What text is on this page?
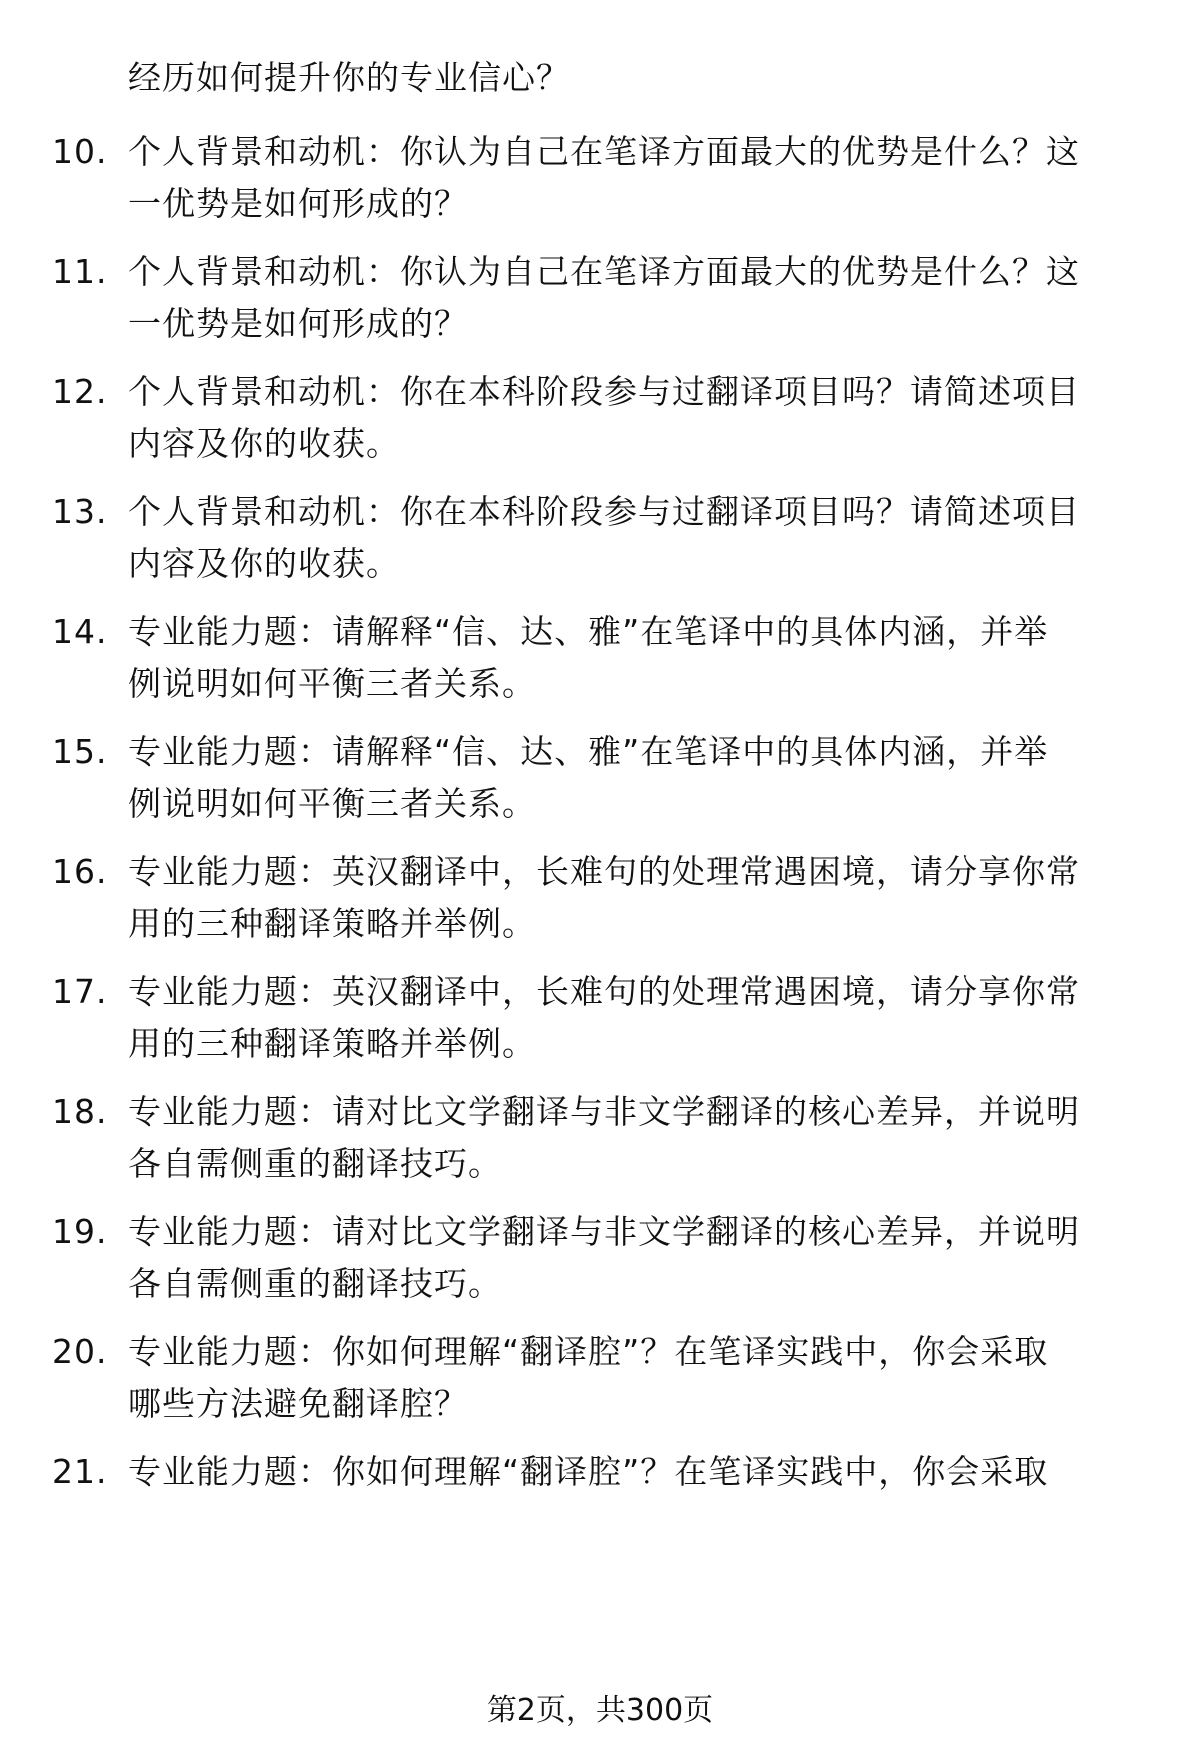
经历如何提升你的专业信心？
10. 个人背景和动机：你认为自己在笔译方面最大的优势是什么？这
一优势是如何形成的？
11. 个人背景和动机：你认为自己在笔译方面最大的优势是什么？这
一优势是如何形成的？
12. 个人背景和动机：你在本科阶段参与过翻译项目吗？请简述项目
内容及你的收获。
13. 个人背景和动机：你在本科阶段参与过翻译项目吗？请简述项目
内容及你的收获。
14. 专业能力题：请解释“信、达、雅”在笔译中的具体内涵，并举
例说明如何平衡三者关系。
15. 专业能力题：请解释“信、达、雅”在笔译中的具体内涵，并举
例说明如何平衡三者关系。
16. 专业能力题：英汉翻译中，长难句的处理常遇困境，请分享你常
用的三种翻译策略并举例。
17. 专业能力题：英汉翻译中，长难句的处理常遇困境，请分享你常
用的三种翻译策略并举例。
18. 专业能力题：请对比文学翻译与非文学翻译的核心差异，并说明
各自需侧重的翻译技巧。
19. 专业能力题：请对比文学翻译与非文学翻译的核心差异，并说明
各自需侧重的翻译技巧。
20. 专业能力题：你如何理解“翻译腔”？在笔译实践中，你会采取
哪些方法避免翻译腔？
21. 专业能力题：你如何理解“翻译腔”？在笔译实践中，你会采取
第2页，共300页
